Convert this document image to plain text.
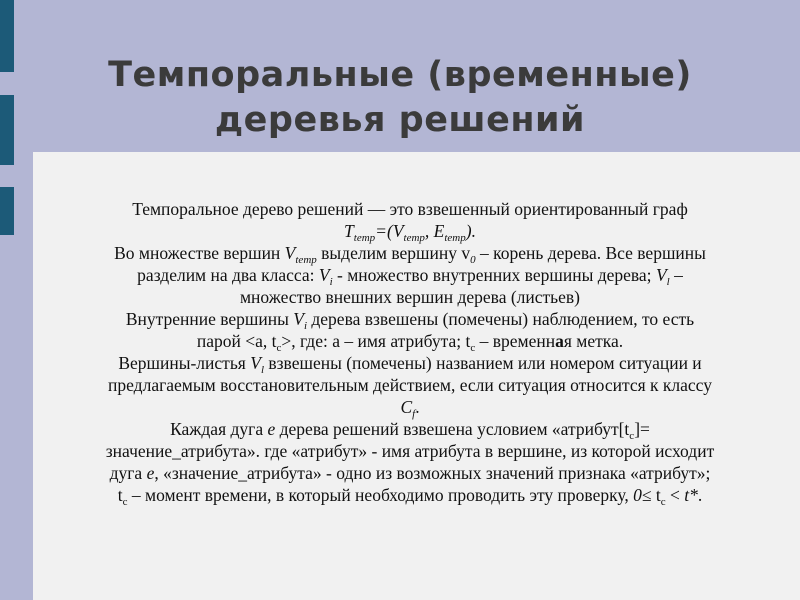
Темпоральные (временные)
деревья решений
Темпоральное дерево решений — это взвешенный ориентированный граф
$T_{temp}=(V_{temp}$, $E_{temp}$).
Во множестве вершин $V_{temp}$ выделим вершину $v_0$ – корень дерева. Все вершины
разделим на два класса: $V_i$ - множество внутренних вершины дерева; $V_l$ –
множество внешних вершин дерева (листьев)
Внутренние вершины $V_i$ дерева взвешены (помечены) наблюдением, то есть
парой <a, $t_c>$, где: a – имя атрибута; $t_c$ – временная метка.
Вершины-листья $V_l$ взвешены (помечены) названием или номером ситуации и
предлагаемым восстановительным действием, если ситуация относится к классу
$C_f$.
Каждая дуга e дерева решений взвешена условием «$атрибут[t_c]=$
значение_атрибута». где «атрибут» - имя атрибута в вершине, из которой исходит
дуга e, «значение_атрибута» - одно из возможных значений признака «атрибут»;
$t_c$ – момент времени, в который необходимо проводить эту проверку, $0\le t_c < t*$.
